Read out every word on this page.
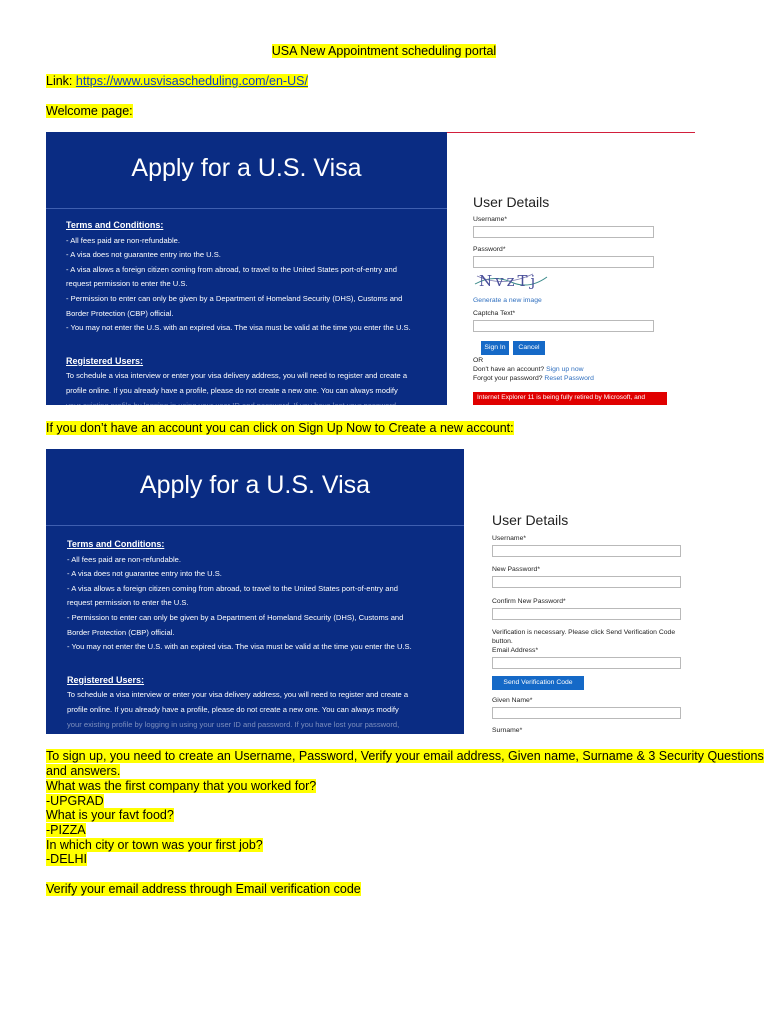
USA New Appointment scheduling portal
Link: https://www.usvisascheduling.com/en-US/
Welcome page:
Apply for a U.S. Visa
Terms and Conditions:
- All fees paid are non-refundable.
- A visa does not guarantee entry into the U.S.
- A visa allows a foreign citizen coming from abroad, to travel to the United States port-of-entry and
request permission to enter the U.S.
- Permission to enter can only be given by a Department of Homeland Security (DHS), Customs and
Border Protection (CBP) official.
- You may not enter the U.S. with an expired visa. The visa must be valid at the time you enter the U.S.
Registered Users:
To schedule a visa interview or enter your visa delivery address, you will need to register and create a
profile online. If you already have a profile, please do not create a new one. You can always modify
your existing profile by logging in using your user ID and password. If you have lost your password,
User Details
Username*
Password*
NvzTj
Generate a new image
Captcha Text*
Sign In	Cancel
OR
Don't have an account? Sign up now
Forgot your password? Reset Password
Internet Explorer 11 is being fully retired by Microsoft, and
If you don’t have an account you can click on Sign Up Now to Create a new account:
Apply for a U.S. Visa
Terms and Conditions:
- All fees paid are non-refundable.
- A visa does not guarantee entry into the U.S.
- A visa allows a foreign citizen coming from abroad, to travel to the United States port-of-entry and
request permission to enter the U.S.
- Permission to enter can only be given by a Department of Homeland Security (DHS), Customs and
Border Protection (CBP) official.
- You may not enter the U.S. with an expired visa. The visa must be valid at the time you enter the U.S.
Registered Users:
To schedule a visa interview or enter your visa delivery address, you will need to register and create a
profile online. If you already have a profile, please do not create a new one. You can always modify
your existing profile by logging in using your user ID and password. If you have lost your password,
User Details
Username*
New Password*
Confirm New Password*
Verification is necessary. Please click Send Verification Code
button.
Email Address*
Send Verification Code
Given Name*
Surname*
To sign up, you need to create an Username, Password, Verify your email address, Given name, Surname & 3 Security Questions
and answers.
What was the first company that you worked for?
-UPGRAD
What is your favt food?
-PIZZA
In which city or town was your first job?
-DELHI
Verify your email address through Email verification code
